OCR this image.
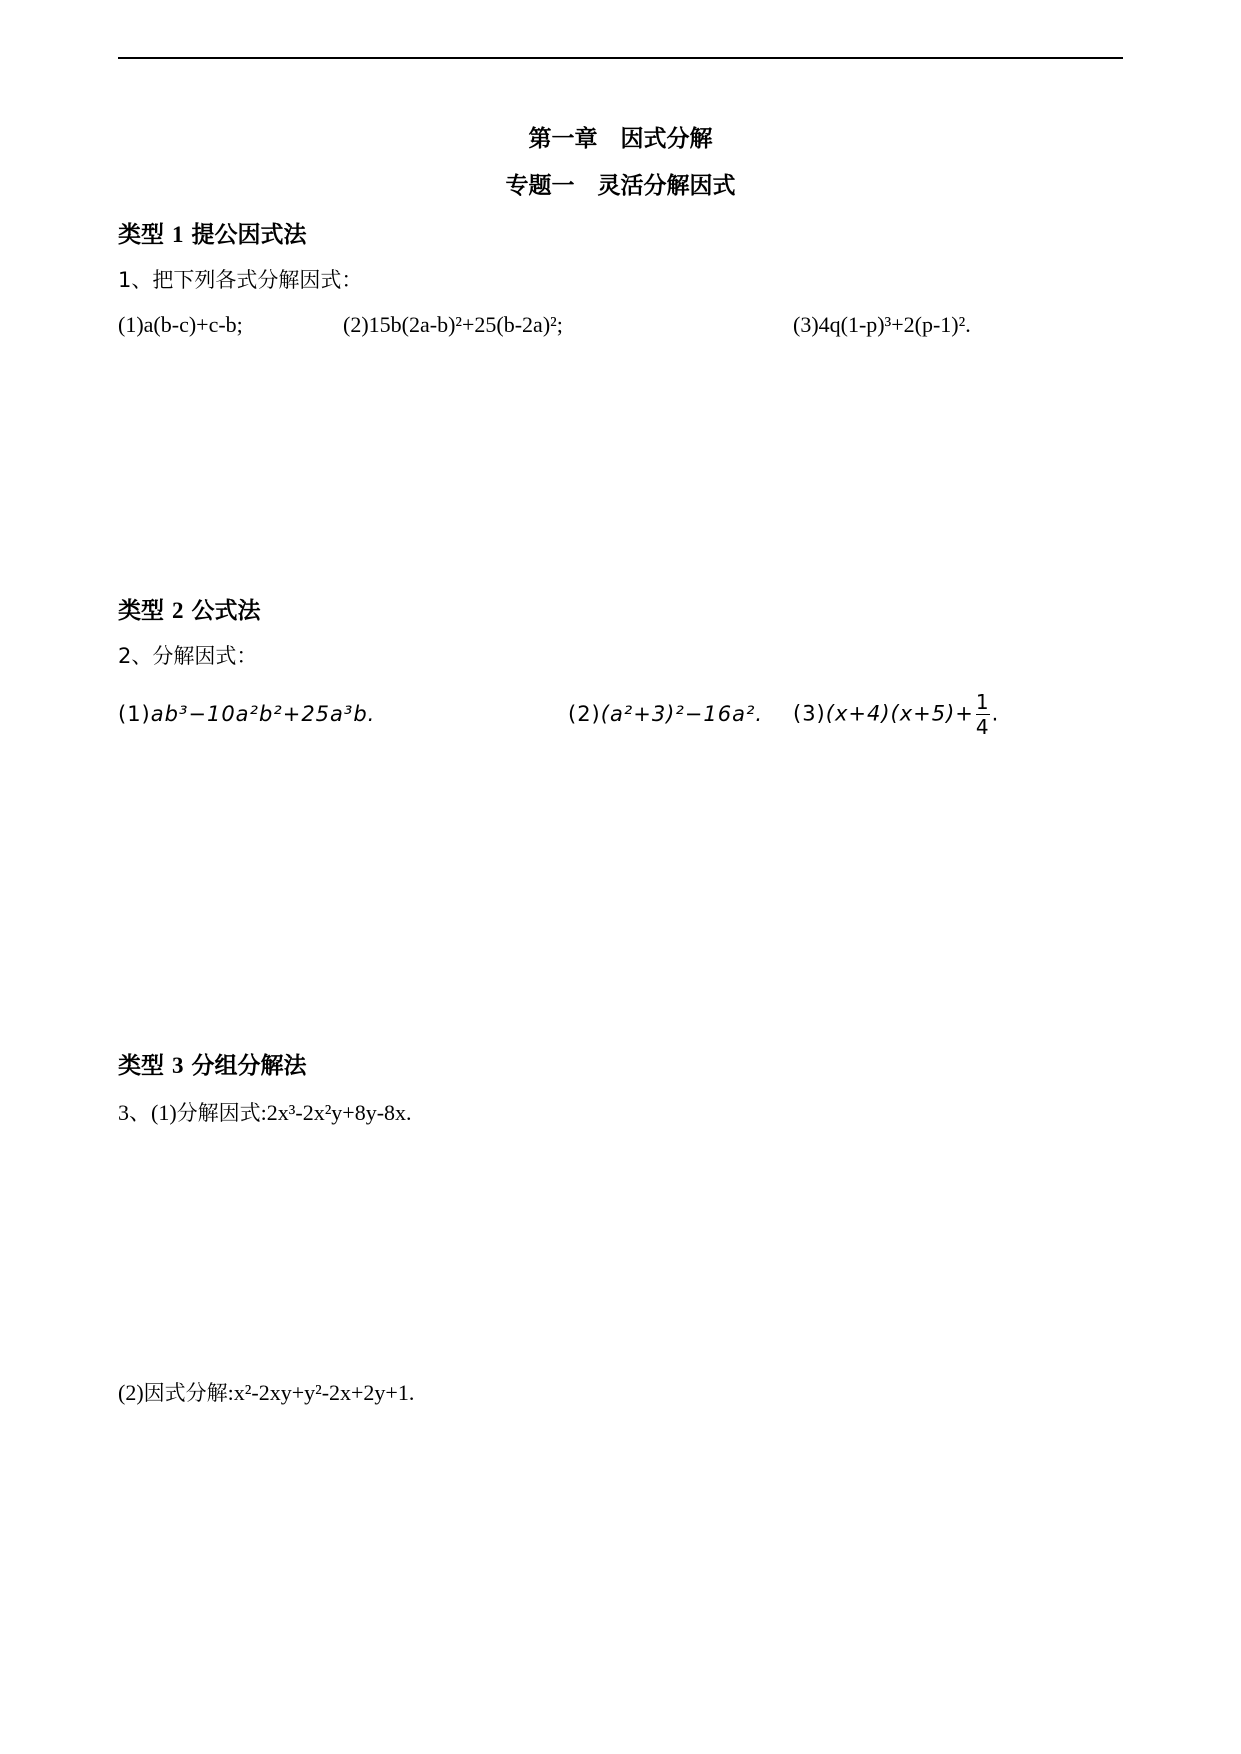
第一章　因式分解
专题一　灵活分解因式
类型 1 提公因式法
1、把下列各式分解因式：
(1)a(b-c)+c-b;	(2)15b(2a-b)²+25(b-2a)²;	(3)4q(1-p)³+2(p-1)².
类型 2 公式法
2、分解因式：
(1)ab³−10a²b²+25a³b.	(2)(a²+3)²−16a². $(3)(x+4)(x+5)+ \frac{1}{4}$ .
类型 3 分组分解法
3、(1)分解因式:2x³-2x²y+8y-8x.
(2)因式分解:x²-2xy+y²-2x+2y+1.
